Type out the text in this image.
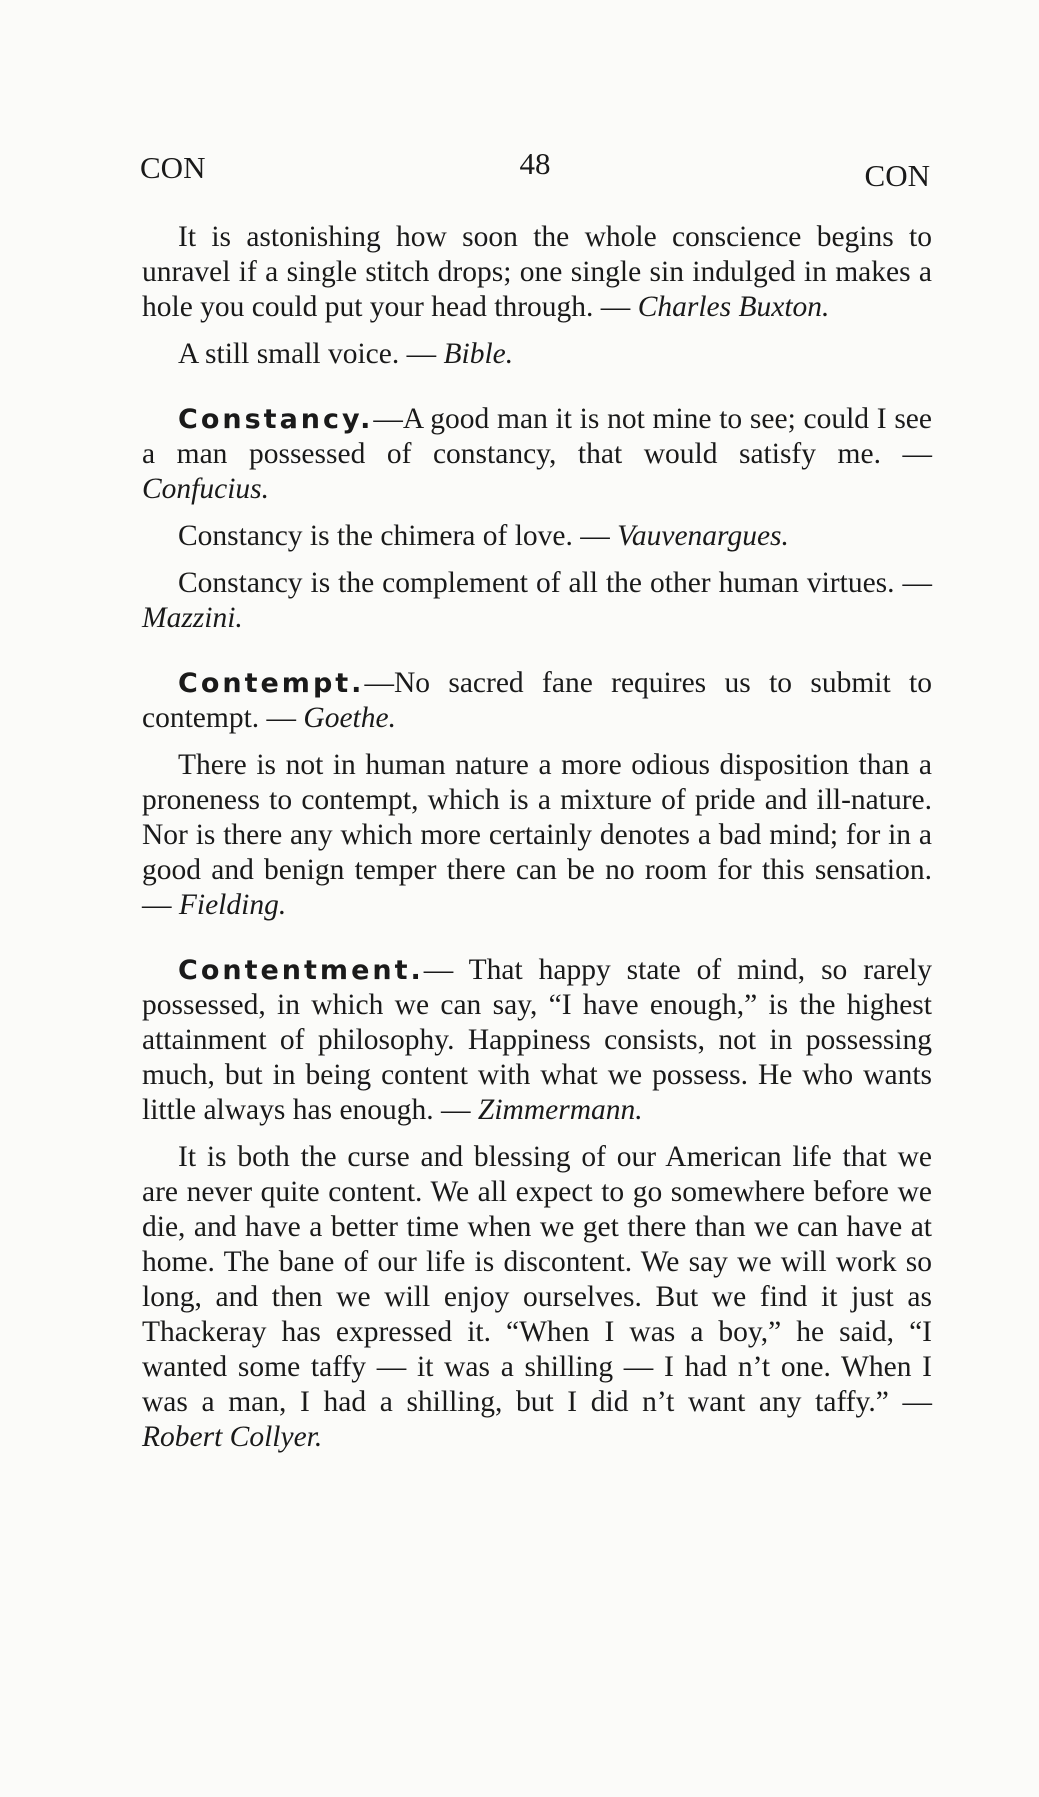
CON	48	CON

It is astonishing how soon the whole conscience begins to unravel if a single stitch drops; one single sin indulged in makes a hole you could put your head through. — Charles Buxton.

A still small voice. — Bible.

Constancy.—A good man it is not mine to see; could I see a man possessed of constancy, that would satisfy me. — Confucius.

Constancy is the chimera of love. — Vauvenargues.

Constancy is the complement of all the other human virtues. — Mazzini.

Contempt.—No sacred fane requires us to submit to contempt. — Goethe.

There is not in human nature a more odious disposition than a proneness to contempt, which is a mixture of pride and ill-nature. Nor is there any which more certainly denotes a bad mind; for in a good and benign temper there can be no room for this sensation. — Fielding.

Contentment.— That happy state of mind, so rarely possessed, in which we can say, “I have enough,” is the highest attainment of philosophy. Happiness consists, not in possessing much, but in being content with what we possess. He who wants little always has enough. — Zimmermann.

It is both the curse and blessing of our American life that we are never quite content. We all expect to go somewhere before we die, and have a better time when we get there than we can have at home. The bane of our life is discontent. We say we will work so long, and then we will enjoy ourselves. But we find it just as Thackeray has expressed it. “When I was a boy,” he said, “I wanted some taffy — it was a shilling — I had n’t one. When I was a man, I had a shilling, but I did n’t want any taffy.” — Robert Collyer.
